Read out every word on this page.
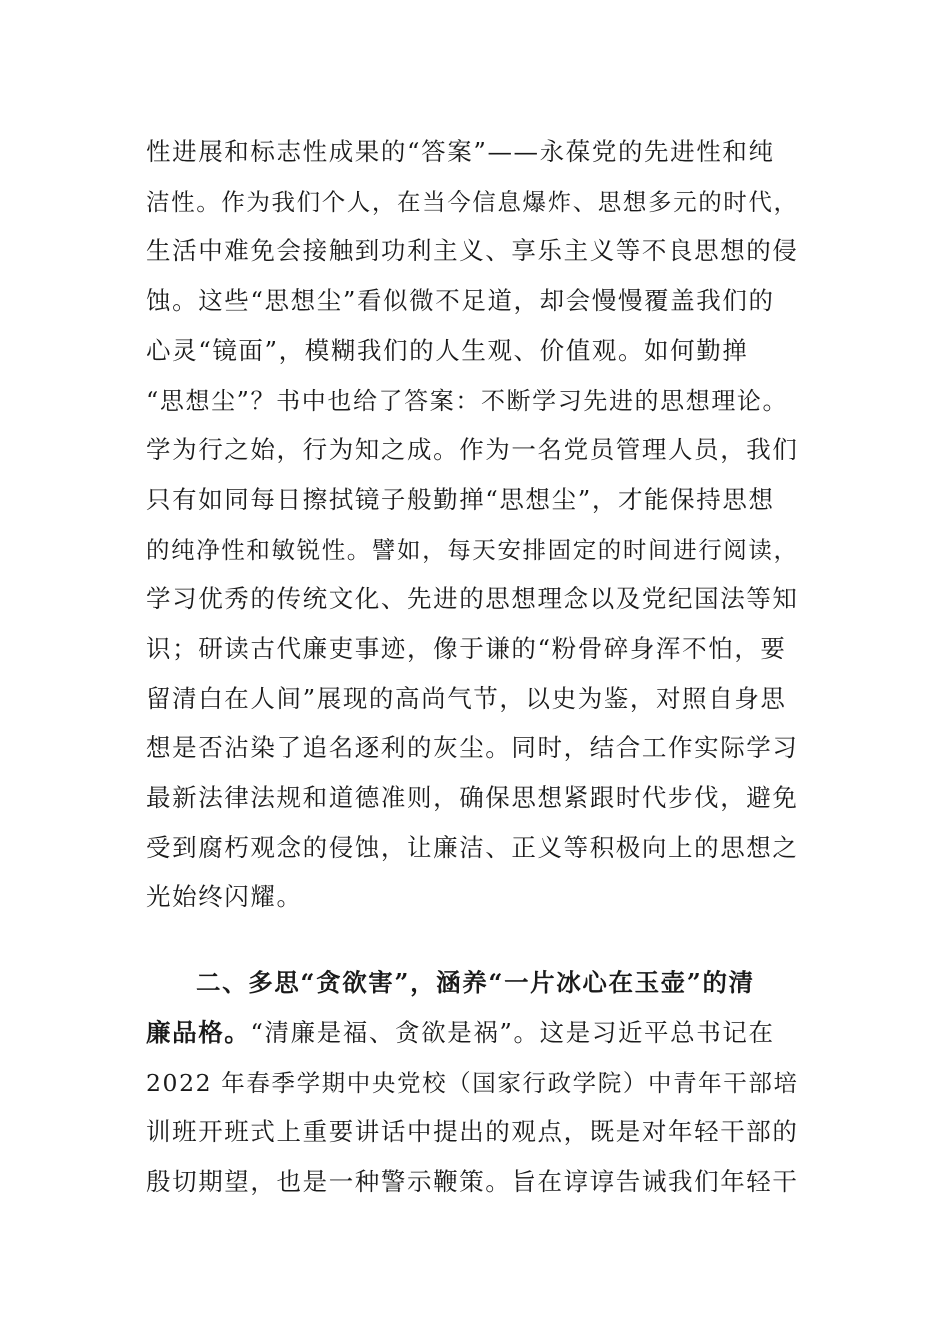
性进展和标志性成果的“答案”——永葆党的先进性和纯
洁性。作为我们个人，在当今信息爆炸、思想多元的时代，
生活中难免会接触到功利主义、享乐主义等不良思想的侵
蚀。这些“思想尘”看似微不足道，却会慢慢覆盖我们的
心灵“镜面”，模糊我们的人生观、价值观。如何勤掸
“思想尘”？书中也给了答案：不断学习先进的思想理论。
学为行之始，行为知之成。作为一名党员管理人员，我们
只有如同每日擦拭镜子般勤掸“思想尘”，才能保持思想
的纯净性和敏锐性。譬如，每天安排固定的时间进行阅读，
学习优秀的传统文化、先进的思想理念以及党纪国法等知
识；研读古代廉吏事迹，像于谦的“粉骨碎身浑不怕，要
留清白在人间”展现的高尚气节，以史为鉴，对照自身思
想是否沾染了追名逐利的灰尘。同时，结合工作实际学习
最新法律法规和道德准则，确保思想紧跟时代步伐，避免
受到腐朽观念的侵蚀，让廉洁、正义等积极向上的思想之
光始终闪耀。
二、多思“贪欲害”，涵养“一片冰心在玉壶”的清
廉品格。“清廉是福、贪欲是祸”。这是习近平总书记在
2022 年春季学期中央党校（国家行政学院）中青年干部培
训班开班式上重要讲话中提出的观点，既是对年轻干部的
殷切期望，也是一种警示鞭策。旨在谆谆告诫我们年轻干
